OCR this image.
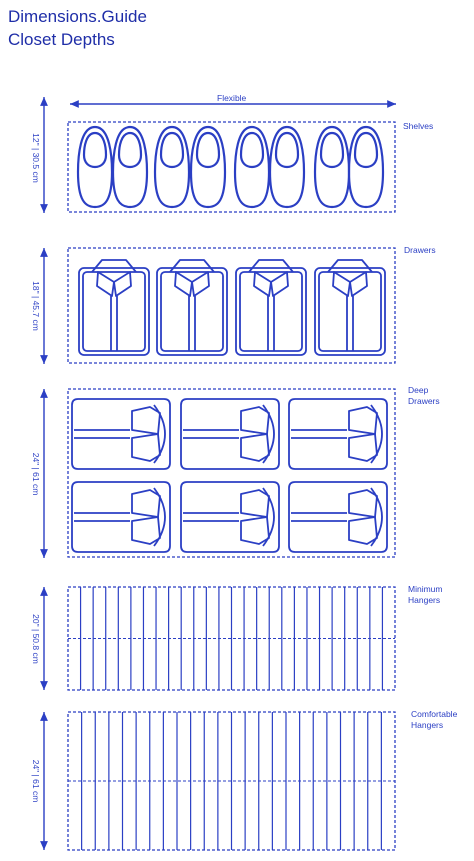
Dimensions.Guide
Closet Depths
Flexible
Shelves
Drawers
Deep
Drawers
Minimum
Hangers
Comfortable
Hangers
12" | 30.5 cm
18" | 45.7 cm
24" | 61 cm
20" | 50.8 cm
24" | 61 cm
